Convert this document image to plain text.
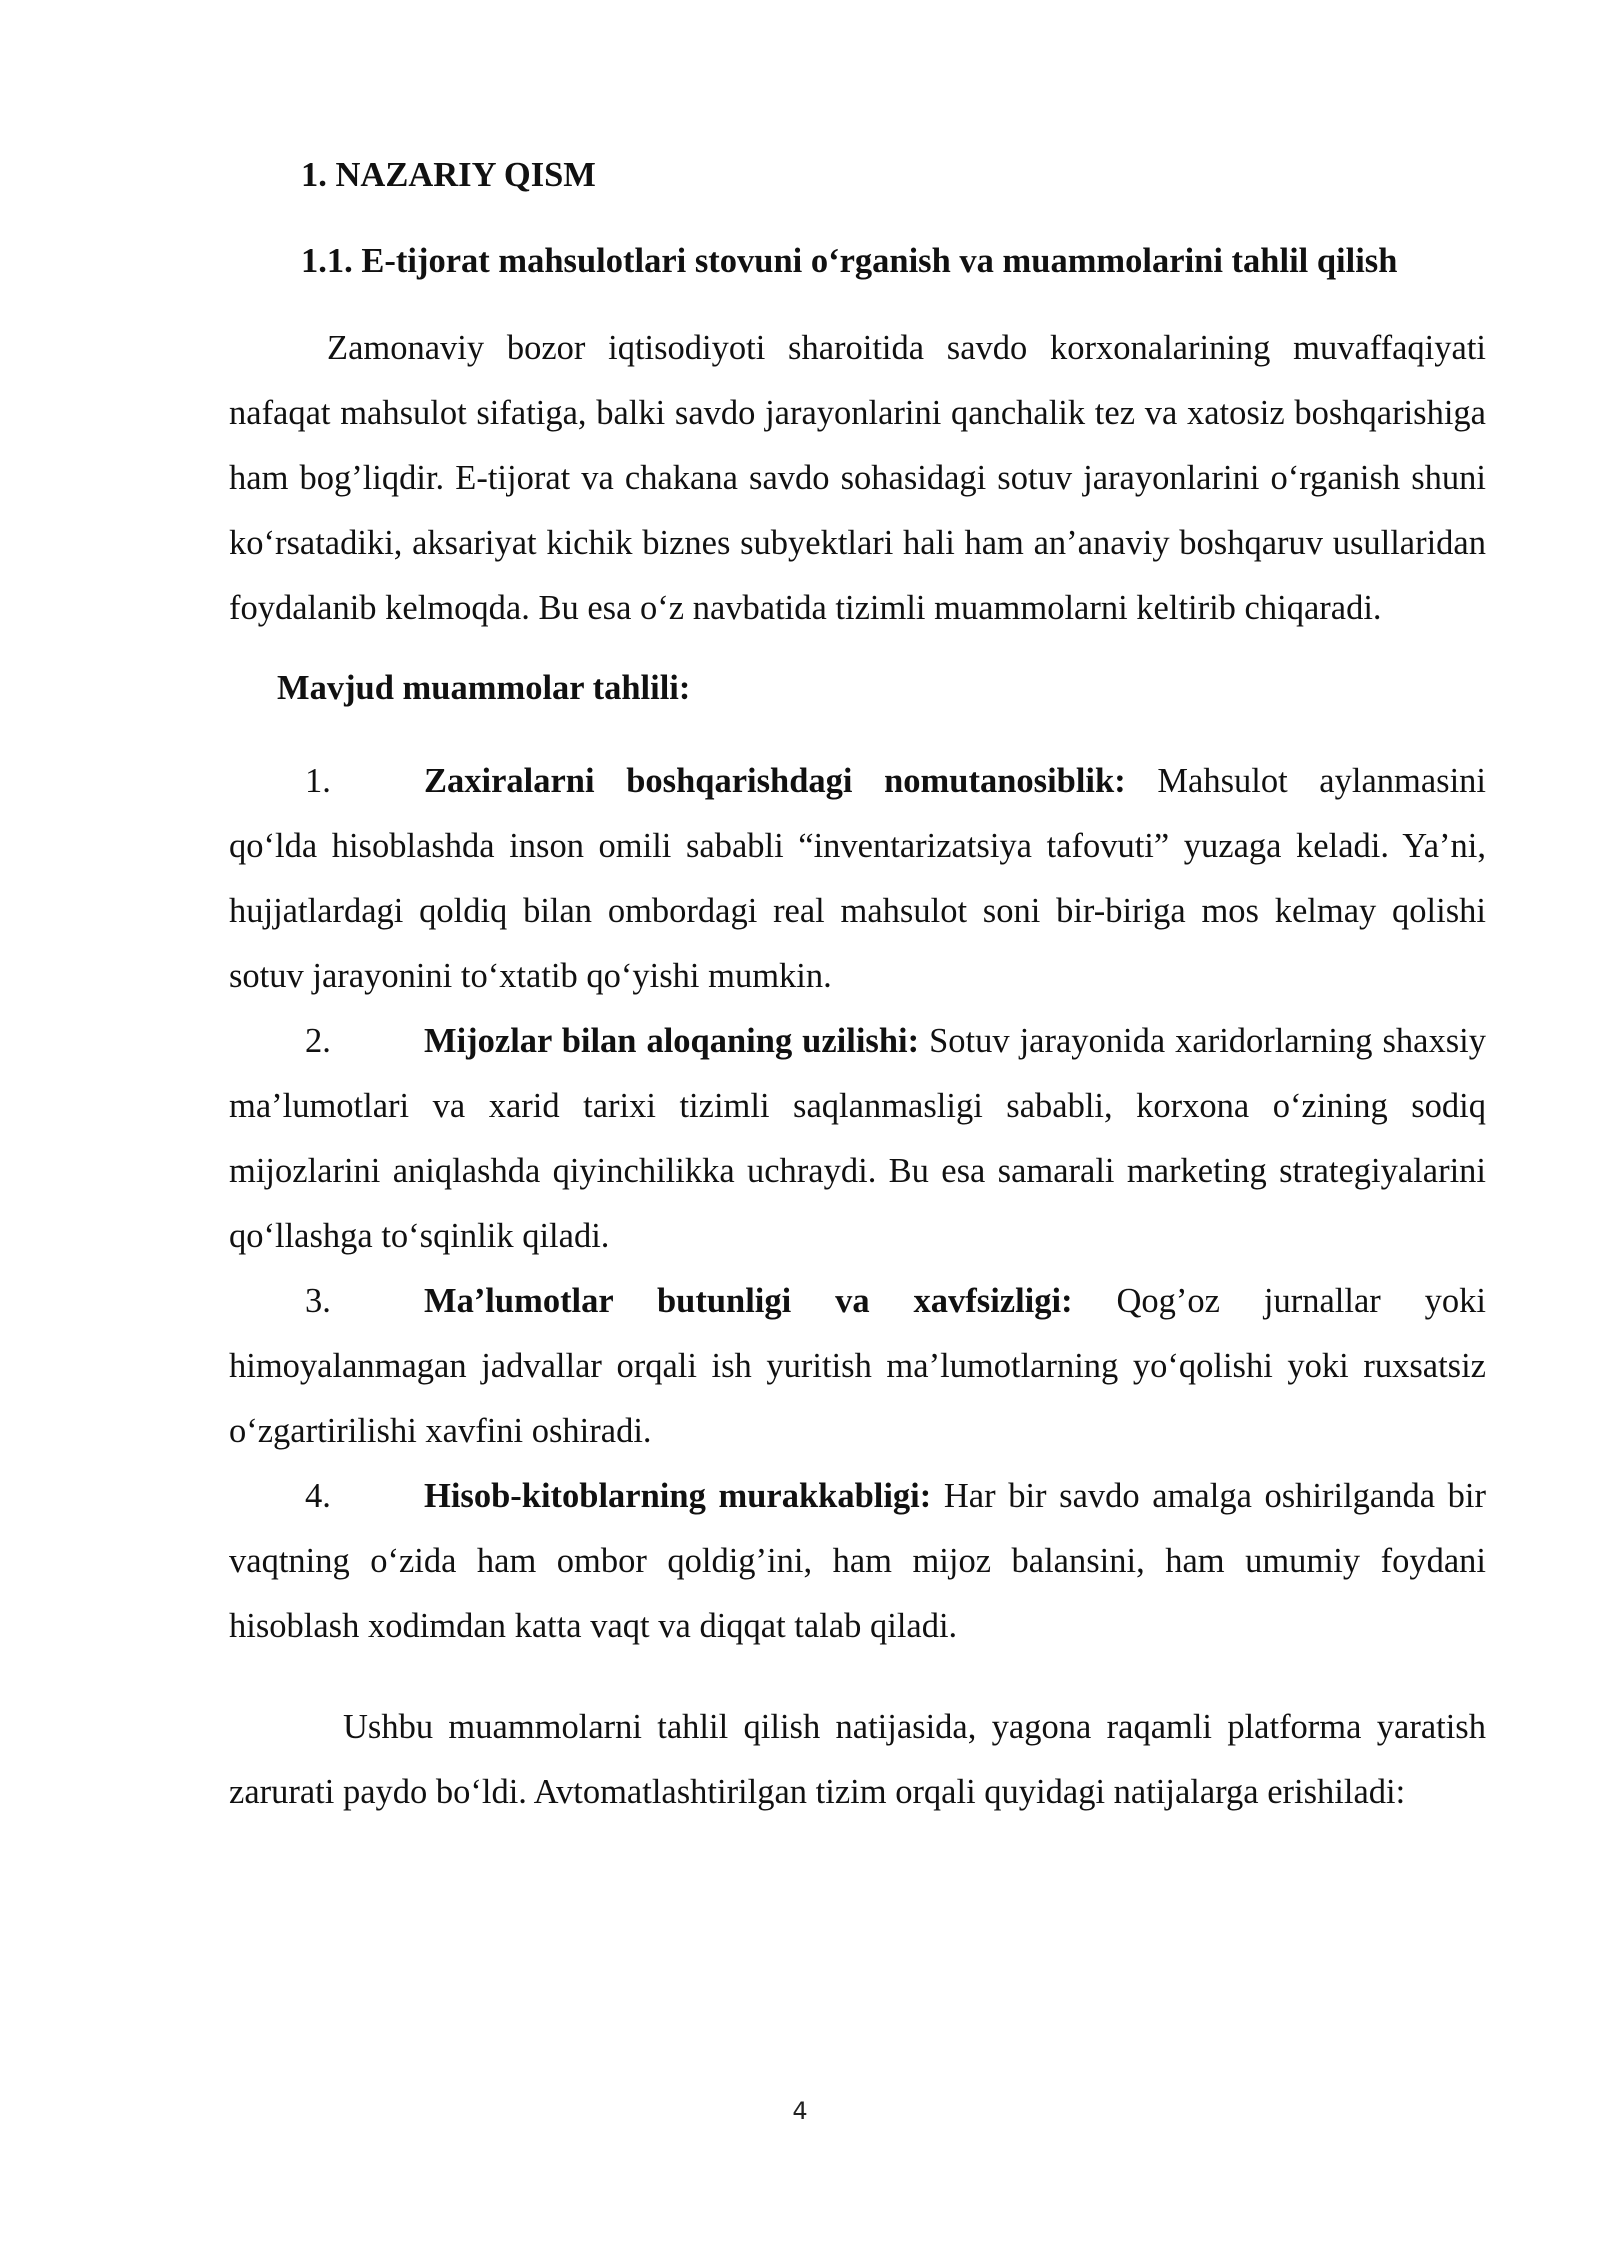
1. NAZARIY QISM
1.1. E-tijorat mahsulotlari stovuni o‘rganish va muammolarini tahlil qilish

Zamonaviy bozor iqtisodiyoti sharoitida savdo korxonalarining muvaffaqiyati nafaqat mahsulot sifatiga, balki savdo jarayonlarini qanchalik tez va xatosiz boshqarishiga ham bog’liqdir. E-tijorat va chakana savdo sohasidagi sotuv jarayonlarini o‘rganish shuni ko‘rsatadiki, aksariyat kichik biznes subyektlari hali ham an’anaviy boshqaruv usullaridan foydalanib kelmoqda. Bu esa o‘z navbatida tizimli muammolarni keltirib chiqaradi.

Mavjud muammolar tahlili:

1.	Zaxiralarni boshqarishdagi nomutanosiblik: Mahsulot aylanmasini qo‘lda hisoblashda inson omili sababli “inventarizatsiya tafovuti” yuzaga keladi. Ya’ni, hujjatlardagi qoldiq bilan ombordagi real mahsulot soni bir-biriga mos kelmay qolishi sotuv jarayonini to‘xtatib qo‘yishi mumkin.

2.	Mijozlar bilan aloqaning uzilishi: Sotuv jarayonida xaridorlarning shaxsiy ma’lumotlari va xarid tarixi tizimli saqlanmasligi sababli, korxona o‘zining sodiq mijozlarini aniqlashda qiyinchilikka uchraydi. Bu esa samarali marketing strategiyalarini qo‘llashga to‘sqinlik qiladi.

3.	Ma’lumotlar butunligi va xavfsizligi: Qog’oz jurnallar yoki himoyalanmagan jadvallar orqali ish yuritish ma’lumotlarning yo‘qolishi yoki ruxsatsiz o‘zgartirilishi xavfini oshiradi.

4.	Hisob-kitoblarning murakkabligi: Har bir savdo amalga oshirilganda bir vaqtning o‘zida ham ombor qoldig’ini, ham mijoz balansini, ham umumiy foydani hisoblash xodimdan katta vaqt va diqqat talab qiladi.

Ushbu muammolarni tahlil qilish natijasida, yagona raqamli platforma yaratish zarurati paydo bo‘ldi. Avtomatlashtirilgan tizim orqali quyidagi natijalarga erishiladi:

4
